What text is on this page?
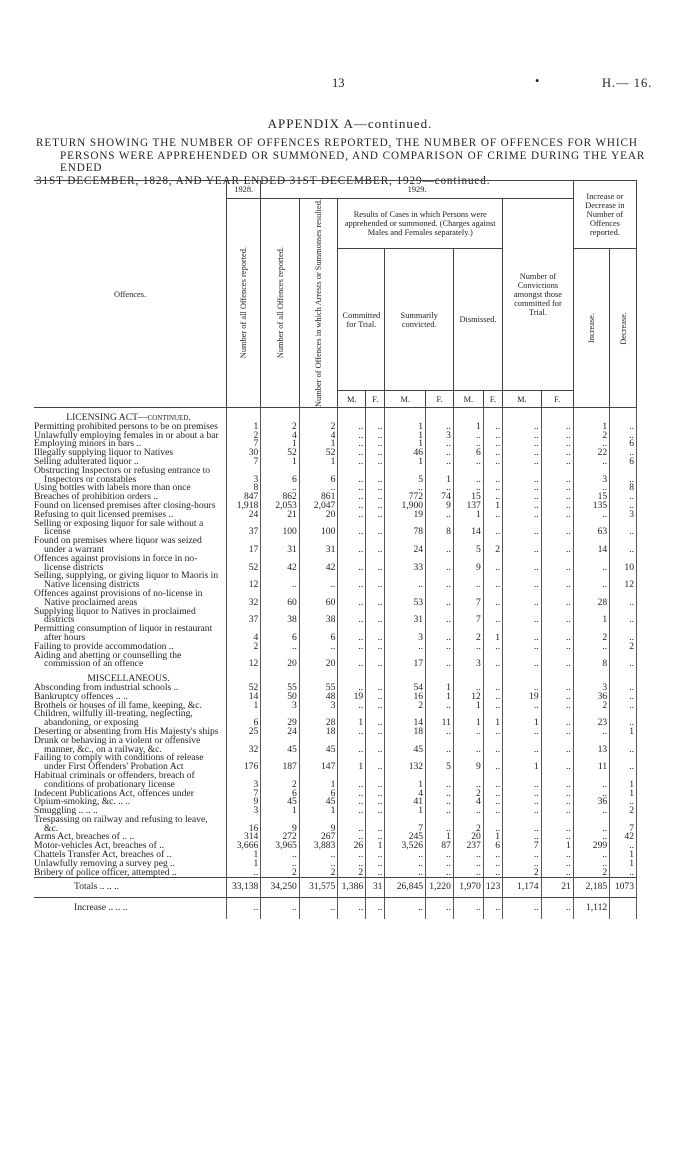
13	•	H.— 16.
APPENDIX A—continued.
RETURN SHOWING THE NUMBER OF OFFENCES REPORTED, THE NUMBER OF OFFENCES FOR WHICH
PERSONS WERE APPREHENDED OR SUMMONED, AND COMPARISON OF CRIME DURING THE YEAR ENDED
31ST DECEMBER, 1828, AND YEAR ENDED 31ST DECEMBER, 1929—continued.
Offences.	1928.	1929.										Increase or Decrease in Number of Offences reported.	

	Number of all Offences reported.	Number of all Offences reported.	Number of Offences in which Arrests or Summonses resulted.	Results of Cases in which Persons were apprehended or summoned. (Charges against Males and Females separately.)						Number of Convictions amongst those committed for Trial.			
				Committed for Trial.		Summarily convicted.		Dismissed.				Increase.	Decrease.

				M.	F.	M.	F.	M.	F.	M.	F.		
LICENSING ACT—continued.													

Permitting prohibited persons to be on premises	1	2	2	..	..	1	..	1	..	..	..	1	..

Unlawfully employing females in or about a bar	2	4	4	..	..	1	3	..	..	..	..	2	..

Employing minors in bars ..	7	1	1	..	..	1	..	..	..	..	..	..	6

Illegally supplying liquor to Natives	30	52	52	..	..	46	..	6	..	..	..	22	..

Selling adulterated liquor ..	7	1	1	..	..	1	..	..	..	..	..	..	6

Obstructing Inspectors or refusing entrance to Inspectors or constables	3	6	6	..	..	5	1	..	..	..	..	3	..

Using bottles with labels more than once	8	..	..	..	..	..	..	..	..	..	..	..	8

Breaches of prohibition orders ..	847	862	861	..	..	772	74	15	..	..	..	15	..

Found on licensed premises after closing-hours	1,918	2,053	2,047	..	..	1,900	9	137	1	..	..	135	..

Refusing to quit licensed premises ..	24	21	20	..	..	19	..	1	..	..	..	..	3

Selling or exposing liquor for sale without a license	37	100	100	..	..	78	8	14	..	..	..	63	..

Found on premises where liquor was seized under a warrant	17	31	31	..	..	24	..	5	2	..	..	14	..

Offences against provisions in force in no-license districts	52	42	42	..	..	33	..	9	..	..	..	..	10

Selling, supplying, or giving liquor to Maoris in Native licensing districts	12	..	..	..	..	..	..	..	..	..	..	..	12

Offences against provisions of no-license in Native proclaimed areas	32	60	60	..	..	53	..	7	..	..	..	28	..

Supplying liquor to Natives in proclaimed districts	37	38	38	..	..	31	..	7	..	..	..	1	..

Permitting consumption of liquor in restaurant after hours	4	6	6	..	..	3	..	2	1	..	..	2	..

Failing to provide accommodation ..	2	..	..	..	..	..	..	..	..	..	..	..	2

Aiding and abetting or counselling the commission of an offence	12	20	20	..	..	17	..	3	..	..	..	8	..
MISCELLANEOUS.													

Absconding from industrial schools ..	52	55	55	..	..	54	1	..	..	..	..	3	..

Bankruptcy offences .. ..	14	50	48	19	..	16	1	12	..	19	..	36	..

Brothels or houses of ill fame, keeping, &c.	1	3	3	..	..	2	..	1	..	..	..	2	..

Children, wilfully ill-treating, neglecting, abandoning, or exposing	6	29	28	1	..	14	11	1	1	1	..	23	..

Deserting or absenting from His Majesty's ships	25	24	18	..	..	18	..	..	..	..	..	..	1

Drunk or behaving in a violent or offensive manner, &c., on a railway, &c.	32	45	45	..	..	45	..	..	..	..	..	13	..

Failing to comply with conditions of release under First Offenders' Probation Act	176	187	147	1	..	132	5	9	..	1	..	11	..

Habitual criminals or offenders, breach of conditions of probationary license	3	2	1	..	..	1	..	..	..	..	..	..	1

Indecent Publications Act, offences under	7	6	6	..	..	4	..	2	..	..	..	..	1

Opium-smoking, &c. .. ..	9	45	45	..	..	41	..	4	..	..	..	36	..

Smuggling .. .. ..	3	1	1	..	..	1	..	..	..	..	..	..	2

Trespassing on railway and refusing to leave, &c.	16	9	9	..	..	7	..	2	..	..	..	..	7

Arms Act, breaches of .. ..	314	272	267	..	..	245	1	20	1	..	..	..	42

Motor-vehicles Act, breaches of ..	3,666	3,965	3,883	26	1	3,526	87	237	6	7	1	299	..

Chattels Transfer Act, breaches of ..	1	..	..	..	..	..	..	..	..	..	..	..	1

Unlawfully removing a survey peg ..	1	..	..	..	..	..	..	..	..	..	..	..	1

Bribery of police officer, attempted ..	..	2	2	2	..	..	..	..	..	2	..	2	..

Totals .. .. ..	33,138	34,250	31,575	1,386	31	26,845	1,220	1,970	123	1,174	21	2,185	1073

Increase .. .. ..	..	..	..	..	..	..	..	..	..	..	..	1,112	
